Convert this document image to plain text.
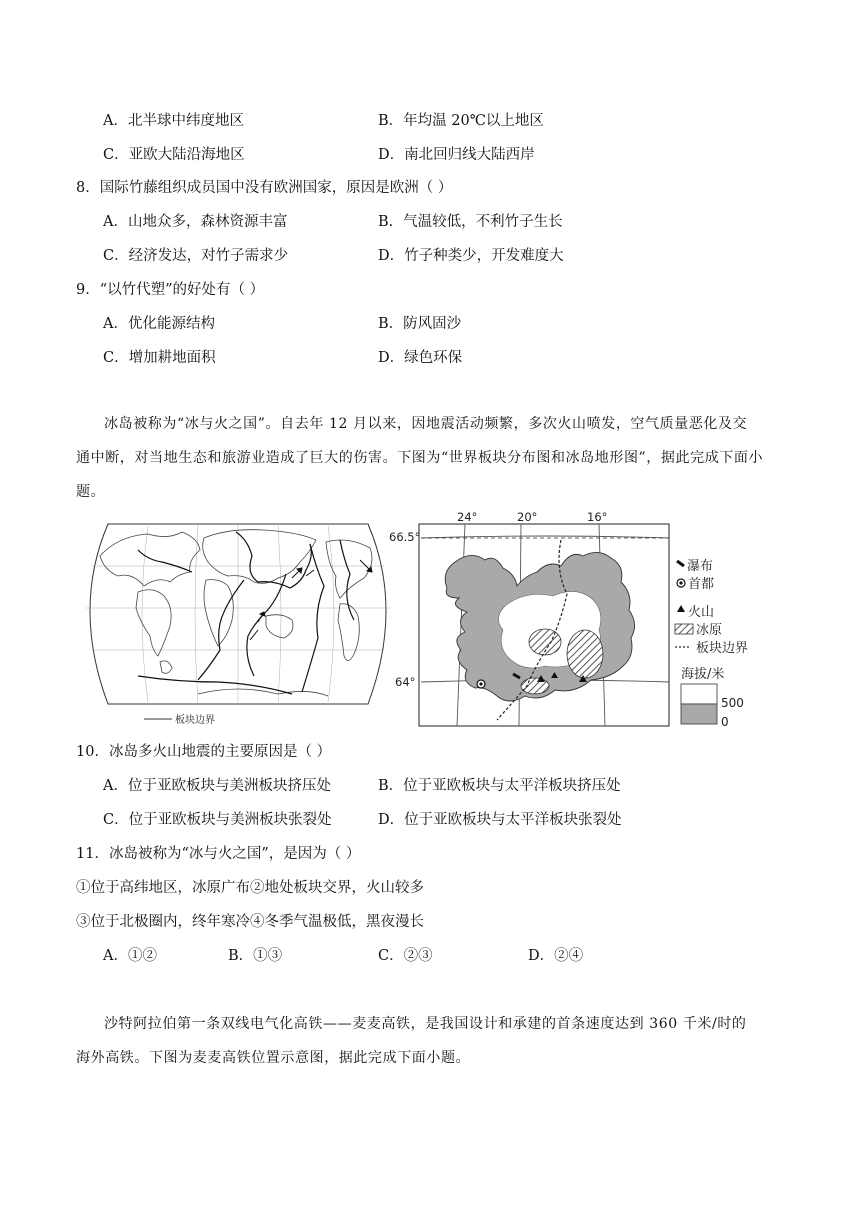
A．北半球中纬度地区	B．年均温 20℃以上地区
C．亚欧大陆沿海地区	D．南北回归线大陆西岸
8．国际竹藤组织成员国中没有欧洲国家，原因是欧洲（ ）
A．山地众多，森林资源丰富	B．气温较低，不利竹子生长
C．经济发达，对竹子需求少	D．竹子种类少，开发难度大
9．“以竹代塑”的好处有（ ）
A．优化能源结构	B．防风固沙
C．增加耕地面积	D．绿色环保
冰岛被称为“冰与火之国”。自去年 12 月以来，因地震活动频繁，多次火山喷发，空气质量恶化及交
通中断，对当地生态和旅游业造成了巨大的伤害。下图为“世界板块分布图和冰岛地形图”，据此完成下面小
题。
板块边界
66.5°
64°
24°	20°	16°
瀑布
首都
火山
冰原
板块边界
海拔/米
500
0
10．冰岛多火山地震的主要原因是（ ）
A．位于亚欧板块与美洲板块挤压处	B．位于亚欧板块与太平洋板块挤压处
C．位于亚欧板块与美洲板块张裂处	D．位于亚欧板块与太平洋板块张裂处
11．冰岛被称为“冰与火之国”，是因为（ ）
①位于高纬地区，冰原广布②地处板块交界，火山较多
③位于北极圈内，终年寒冷④冬季气温极低，黑夜漫长
A．①②	B．①③	C．②③	D．②④
沙特阿拉伯第一条双线电气化高铁——麦麦高铁，是我国设计和承建的首条速度达到 360 千米/时的
海外高铁。下图为麦麦高铁位置示意图，据此完成下面小题。
